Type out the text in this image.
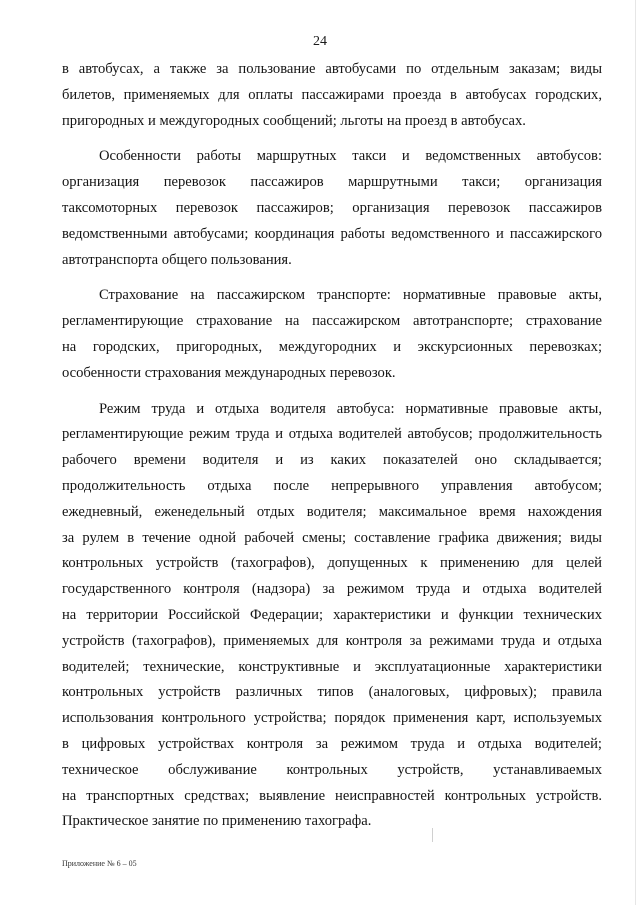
24
в автобусах, а также за пользование автобусами по отдельным заказам; виды
билетов, применяемых для оплаты пассажирами проезда в автобусах городских,
пригородных и междугородных сообщений; льготы на проезд в автобусах.
Особенности работы маршрутных такси и ведомственных автобусов:
организация перевозок пассажиров маршрутными такси; организация
таксомоторных перевозок пассажиров; организация перевозок пассажиров
ведомственными автобусами; координация работы ведомственного и пассажирского
автотранспорта общего пользования.
Страхование на пассажирском транспорте: нормативные правовые акты,
регламентирующие страхование на пассажирском автотранспорте; страхование
на городских, пригородных, междугородних и экскурсионных перевозках;
особенности страхования международных перевозок.
Режим труда и отдыха водителя автобуса: нормативные правовые акты,
регламентирующие режим труда и отдыха водителей автобусов; продолжительность
рабочего времени водителя и из каких показателей оно складывается;
продолжительность отдыха после непрерывного управления автобусом;
ежедневный, еженедельный отдых водителя; максимальное время нахождения
за рулем в течение одной рабочей смены; составление графика движения; виды
контрольных устройств (тахографов), допущенных к применению для целей
государственного контроля (надзора) за режимом труда и отдыха водителей
на территории Российской Федерации; характеристики и функции технических
устройств (тахографов), применяемых для контроля за режимами труда и отдыха
водителей; технические, конструктивные и эксплуатационные характеристики
контрольных устройств различных типов (аналоговых, цифровых); правила
использования контрольного устройства; порядок применения карт, используемых
в цифровых устройствах контроля за режимом труда и отдыха водителей;
техническое обслуживание контрольных устройств, устанавливаемых
на транспортных средствах; выявление неисправностей контрольных устройств.
Практическое занятие по применению тахографа.
Приложение № 6 – 05
